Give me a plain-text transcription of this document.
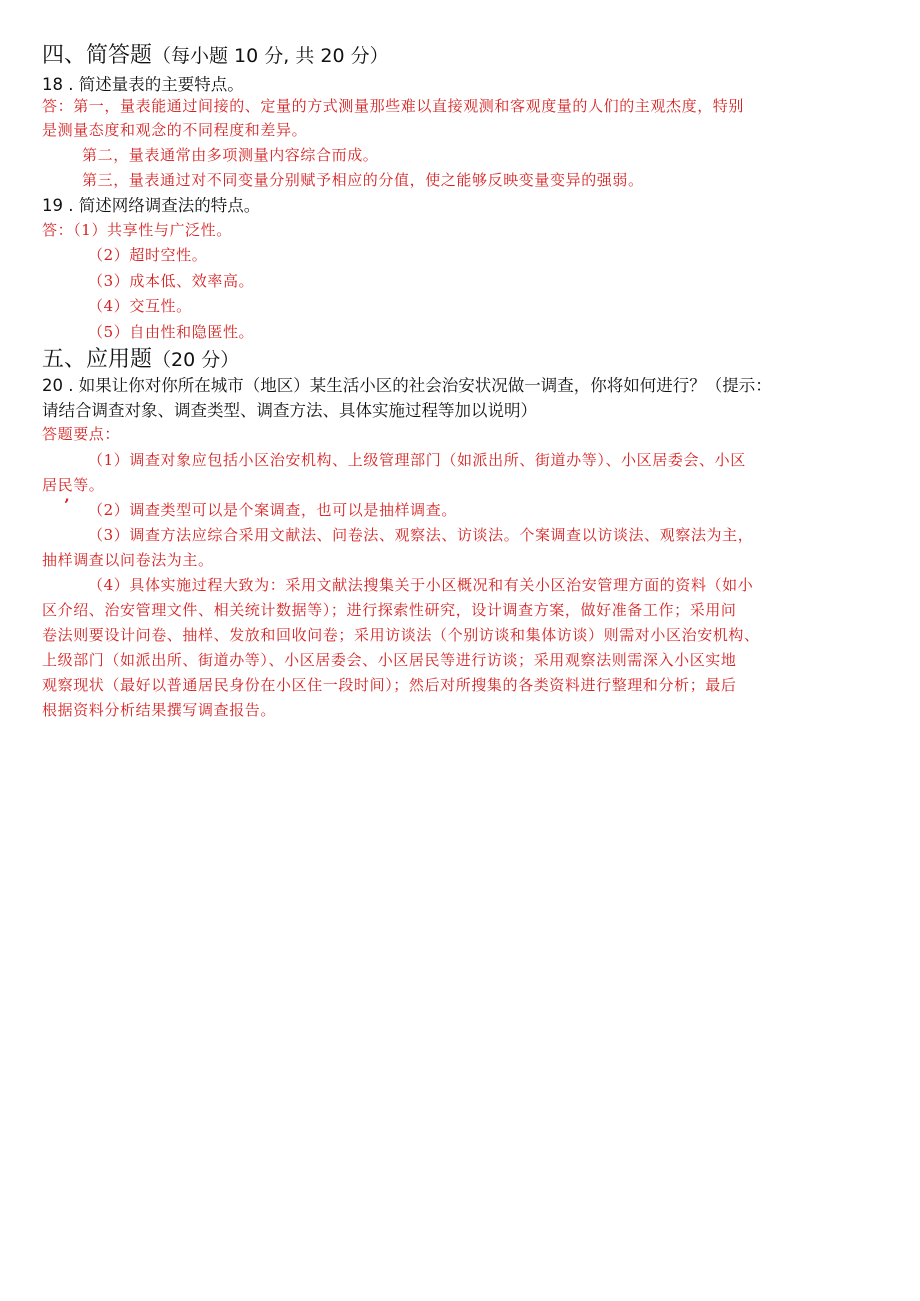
四、简答题（每小题 10 分, 共 20 分）
18 . 简述量表的主要特点。
答：第一，量表能通过间接的、定量的方式测量那些难以直接观测和客观度量的人们的主观杰度，特别
是测量态度和观念的不同程度和差异。
第二，量表通常由多项测量内容综合而成。
第三，量表通过对不同变量分别赋予相应的分值，使之能够反映变量变异的强弱。
19 . 简述网络调查法的特点。
答：（1）共享性与广泛性。
（2）超时空性。
（3）成本低、效率高。
（4）交互性。
（5）自由性和隐匿性。
五、应用题（20 分）
20 . 如果让你对你所在城市（地区）某生活小区的社会治安状况做一调查，你将如何进行？（提示：
请结合调查对象、调查类型、调查方法、具体实施过程等加以说明）
答题要点：
（1）调查对象应包括小区治安机构、上级管理部门（如派出所、街道办等）、小区居委会、小区
居民等。
’ （2）调查类型可以是个案调查，也可以是抽样调查。
（3）调查方法应综合采用文献法、问卷法、观察法、访谈法。个案调查以访谈法、观察法为主，
抽样调查以问卷法为主。
（4）具体实施过程大致为：采用文献法搜集关于小区概况和有关小区治安管理方面的资料（如小
区介绍、治安管理文件、相关统计数据等）；进行探索性研究，设计调查方案，做好准备工作；采用问
卷法则要设计问卷、抽样、发放和回收问卷；采用访谈法（个别访谈和集体访谈）则需对小区治安机构、
上级部门（如派出所、街道办等）、小区居委会、小区居民等进行访谈；采用观察法则需深入小区实地
观察现状（最好以普通居民身份在小区住一段时间）；然后对所搜集的各类资料进行整理和分析；最后
根据资料分析结果撰写调查报告。
